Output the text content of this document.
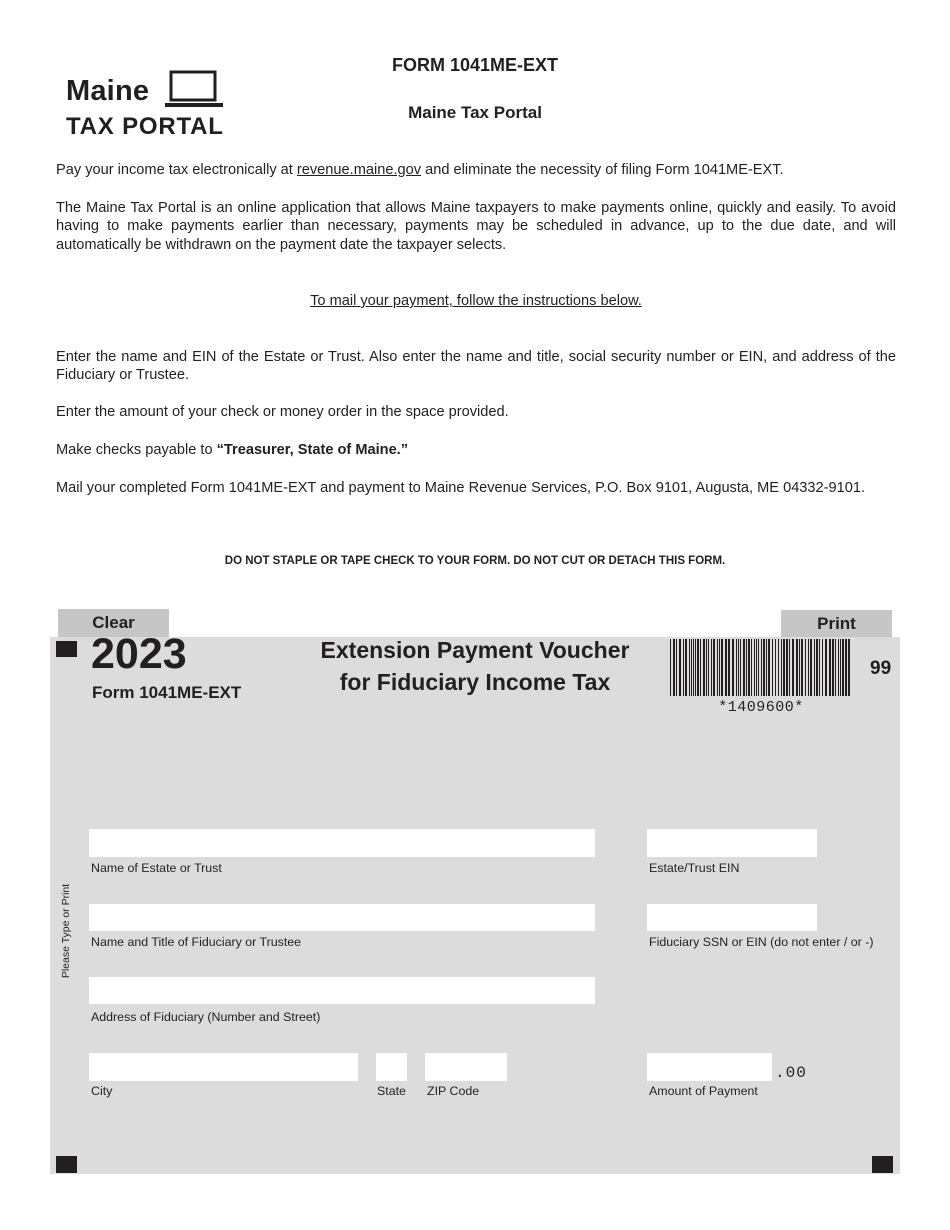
Maine
TAX PORTAL
FORM 1041ME-EXT
Maine Tax Portal
Pay your income tax electronically at revenue.maine.gov and eliminate the necessity of filing Form 1041ME-EXT.
The Maine Tax Portal is an online application that allows Maine taxpayers to make payments online, quickly and easily. To avoid having to make payments earlier than necessary, payments may be scheduled in advance, up to the due date, and will automatically be withdrawn on the payment date the taxpayer selects.
To mail your payment, follow the instructions below.
Enter the name and EIN of the Estate or Trust. Also enter the name and title, social security number or EIN, and address of the Fiduciary or Trustee.
Enter the amount of your check or money order in the space provided.
Make checks payable to “Treasurer, State of Maine.”
Mail your completed Form 1041ME-EXT and payment to Maine Revenue Services, P.O. Box 9101, Augusta, ME 04332-9101.
DO NOT STAPLE OR TAPE CHECK TO YOUR FORM. DO NOT CUT OR DETACH THIS FORM.
Clear	Print
2023
Form 1041ME-EXT
Extension Payment Voucher
for Fiduciary Income Tax
*1409600*
99
Please Type or Print
Name of Estate or Trust	Estate/Trust EIN
Name and Title of Fiduciary or Trustee	Fiduciary SSN or EIN (do not enter / or -)
Address of Fiduciary (Number and Street)
City	State ZIP Code
.00
Amount of Payment
